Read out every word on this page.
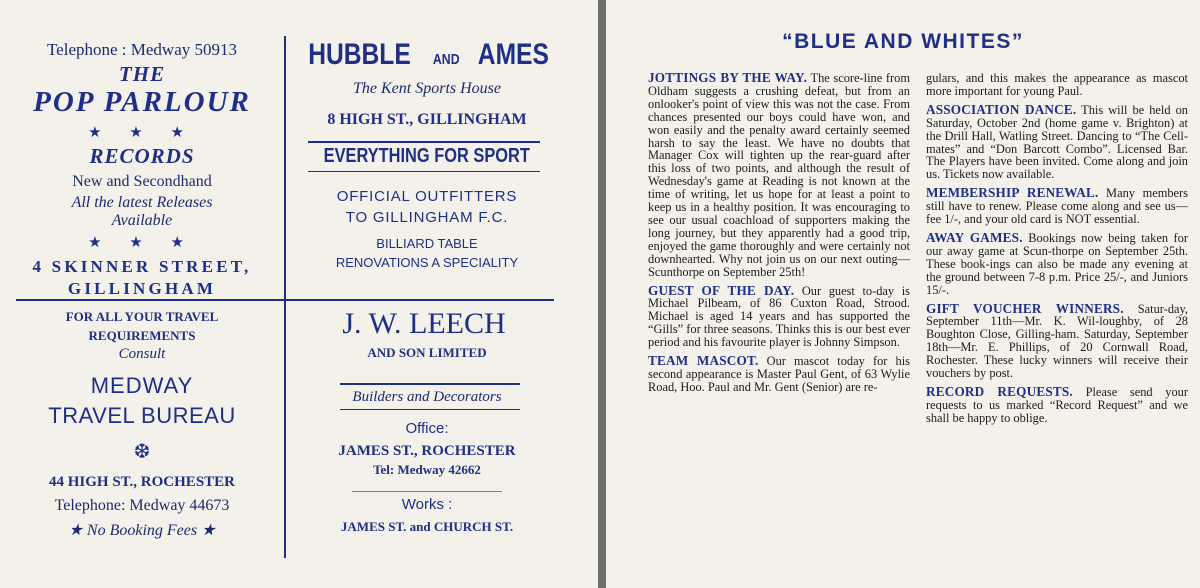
Telephone : Medway 50913
THE
POP PARLOUR
★ ★ ★
RECORDS
New and Secondhand
All the latest Releases
Available
★ ★ ★
4 SKINNER STREET,
GILLINGHAM
HUBBLE AND AMES
The Kent Sports House
8 HIGH ST., GILLINGHAM
EVERYTHING FOR SPORT
OFFICIAL OUTFITTERS
TO GILLINGHAM F.C.
BILLIARD TABLE
RENOVATIONS A SPECIALITY
FOR ALL YOUR TRAVEL
REQUIREMENTS
Consult
MEDWAY
TRAVEL BUREAU
❆
44 HIGH ST., ROCHESTER
Telephone: Medway 44673
★ No Booking Fees ★
J. W. LEECH
AND SON LIMITED
Builders and Decorators
Office:
JAMES ST., ROCHESTER
Tel: Medway 42662
Works :
JAMES ST. and CHURCH ST.
“BLUE AND WHITES”

JOTTINGS BY THE WAY. The score-line from Oldham suggests a crushing defeat, but from an onlooker's point of view this was not the case. From chances presented our boys could have won, and won easily and the penalty award certainly seemed harsh to say the least. We have no doubts that Manager Cox will tighten up the rear-guard after this loss of two points, and although the result of Wednesday's game at Reading is not known at the time of writing, let us hope for at least a point to keep us in a healthy position. It was encouraging to see our usual coachload of supporters making the long journey, but they apparently had a good trip, enjoyed the game thoroughly and were certainly not downhearted. Why not join us on our next outing—Scunthorpe on September 25th!

GUEST OF THE DAY. Our guest to-day is Michael Pilbeam, of 86 Cuxton Road, Strood. Michael is aged 14 years and has supported the “Gills” for three seasons. Thinks this is our best ever period and his favourite player is Johnny Simpson.

TEAM MASCOT. Our mascot today for his second appearance is Master Paul Gent, of 63 Wylie Road, Hoo. Paul and Mr. Gent (Senior) are re-

gulars, and this makes the appearance as mascot more important for young Paul.

ASSOCIATION DANCE. This will be held on Saturday, October 2nd (home game v. Brighton) at the Drill Hall, Watling Street. Dancing to “The Cell-mates” and “Don Barcott Combo”. Licensed Bar. The Players have been invited. Come along and join us. Tickets now available.

MEMBERSHIP RENEWAL. Many members still have to renew. Please come along and see us—fee 1/-, and your old card is NOT essential.

AWAY GAMES. Bookings now being taken for our away game at Scun-thorpe on September 25th. These book-ings can also be made any evening at the ground between 7-8 p.m. Price 25/-, and Juniors 15/-.

GIFT VOUCHER WINNERS. Satur-day, September 11th—Mr. K. Wil-loughby, of 28 Boughton Close, Gilling-ham. Saturday, September 18th—Mr. E. Phillips, of 20 Cornwall Road, Rochester. These lucky winners will receive their vouchers by post.

RECORD REQUESTS. Please send your requests to us marked “Record Request” and we shall be happy to oblige.
